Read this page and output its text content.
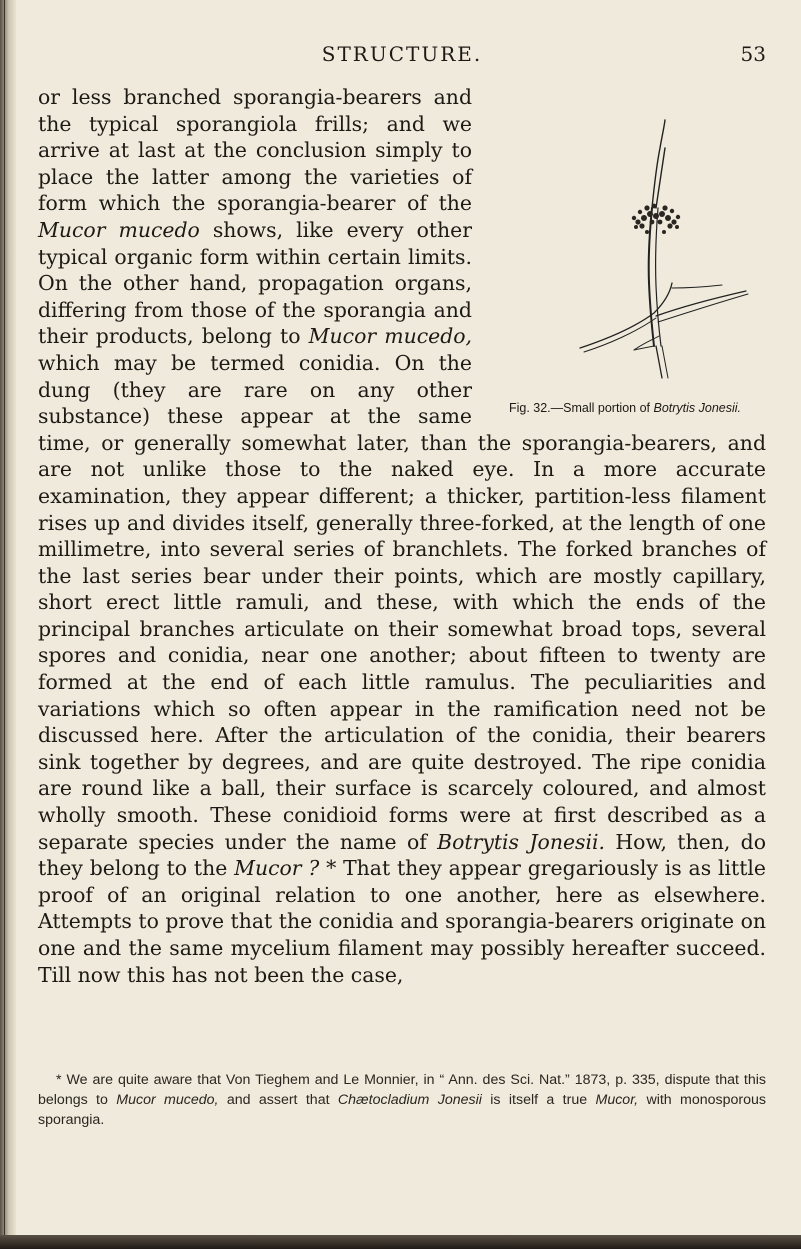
STRUCTURE.	53
Fig. 32.—Small portion of Botrytis Jonesii.

or less branched sporangia-bearers and the typical sporangiola frills; and we arrive at last at the conclusion simply to place the latter among the varieties of form which the sporangia-bearer of the Mucor mucedo shows, like every other typical organic form within certain limits. On the other hand, propagation organs, differing from those of the sporangia and their products, belong to Mucor mucedo, which may be termed conidia. On the dung (they are rare on any other substance) these appear at the same time, or generally somewhat later, than the sporangia-bearers, and are not unlike those to the naked eye. In a more accurate examination, they appear different; a thicker, partition-less filament rises up and divides itself, generally three-forked, at the length of one millimetre, into several series of branchlets. The forked branches of the last series bear under their points, which are mostly capillary, short erect little ramuli, and these, with which the ends of the principal branches articulate on their somewhat broad tops, several spores and conidia, near one another; about fifteen to twenty are formed at the end of each little ramulus. The peculiarities and variations which so often appear in the ramification need not be discussed here. After the articulation of the conidia, their bearers sink together by degrees, and are quite destroyed. The ripe conidia are round like a ball, their surface is scarcely coloured, and almost wholly smooth. These conidioid forms were at first described as a separate species under the name of Botrytis Jonesii. How, then, do they belong to the Mucor ? * That they appear gregariously is as little proof of an original relation to one another, here as elsewhere. Attempts to prove that the conidia and sporangia-bearers originate on one and the same mycelium filament may possibly hereafter succeed. Till now this has not been the case,

* We are quite aware that Von Tieghem and Le Monnier, in “ Ann. des Sci. Nat.” 1873, p. 335, dispute that this belongs to Mucor mucedo, and assert that Chætocladium Jonesii is itself a true Mucor, with monosporous sporangia.
